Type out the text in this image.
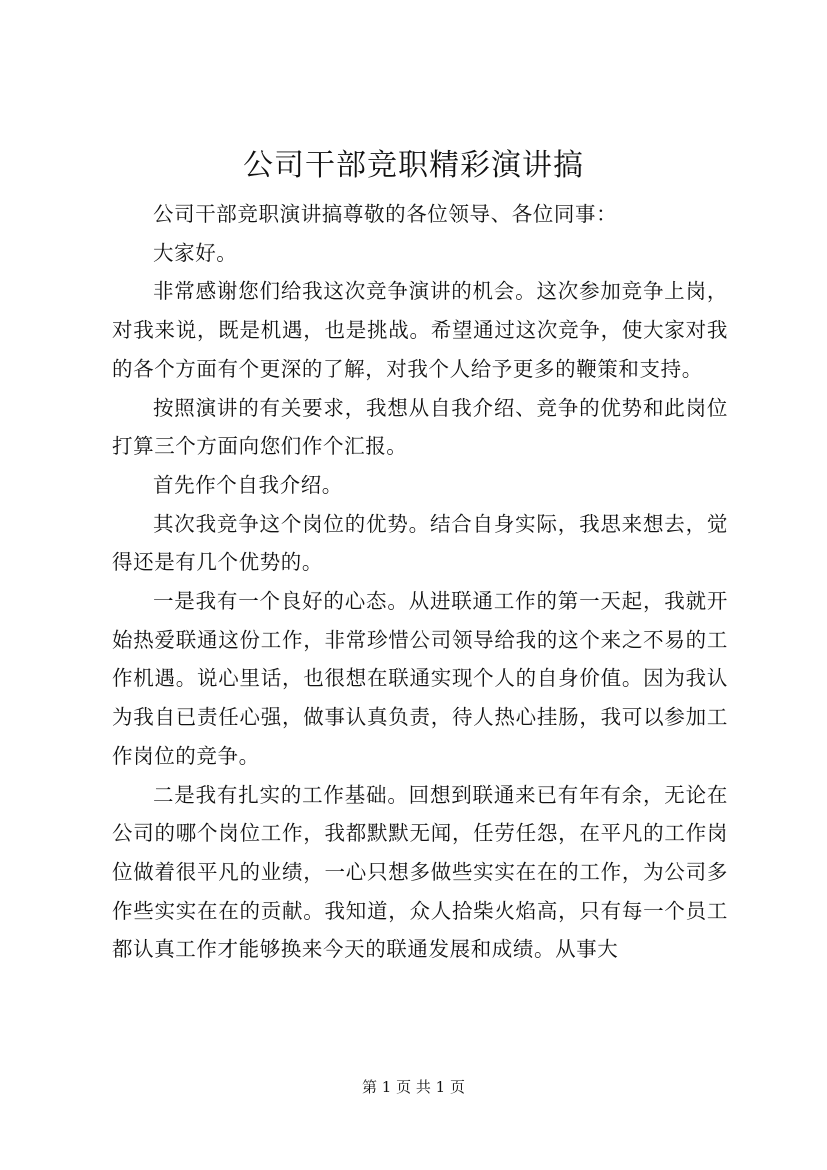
公司干部竞职精彩演讲搞

公司干部竞职演讲搞尊敬的各位领导、各位同事：

大家好。

非常感谢您们给我这次竞争演讲的机会。这次参加竞争上岗，对我来说，既是机遇，也是挑战。希望通过这次竞争，使大家对我的各个方面有个更深的了解，对我个人给予更多的鞭策和支持。

按照演讲的有关要求，我想从自我介绍、竞争的优势和此岗位打算三个方面向您们作个汇报。

首先作个自我介绍。

其次我竞争这个岗位的优势。结合自身实际，我思来想去，觉得还是有几个优势的。

一是我有一个良好的心态。从进联通工作的第一天起，我就开始热爱联通这份工作，非常珍惜公司领导给我的这个来之不易的工作机遇。说心里话，也很想在联通实现个人的自身价值。因为我认为我自已责任心强，做事认真负责，待人热心挂肠，我可以参加工作岗位的竞争。

二是我有扎实的工作基础。回想到联通来已有年有余，无论在公司的哪个岗位工作，我都默默无闻，任劳任怨，在平凡的工作岗位做着很平凡的业绩，一心只想多做些实实在在的工作，为公司多作些实实在在的贡献。我知道，众人拾柴火焰高，只有每一个员工都认真工作才能够换来今天的联通发展和成绩。从事大

第 1 页 共 1 页
